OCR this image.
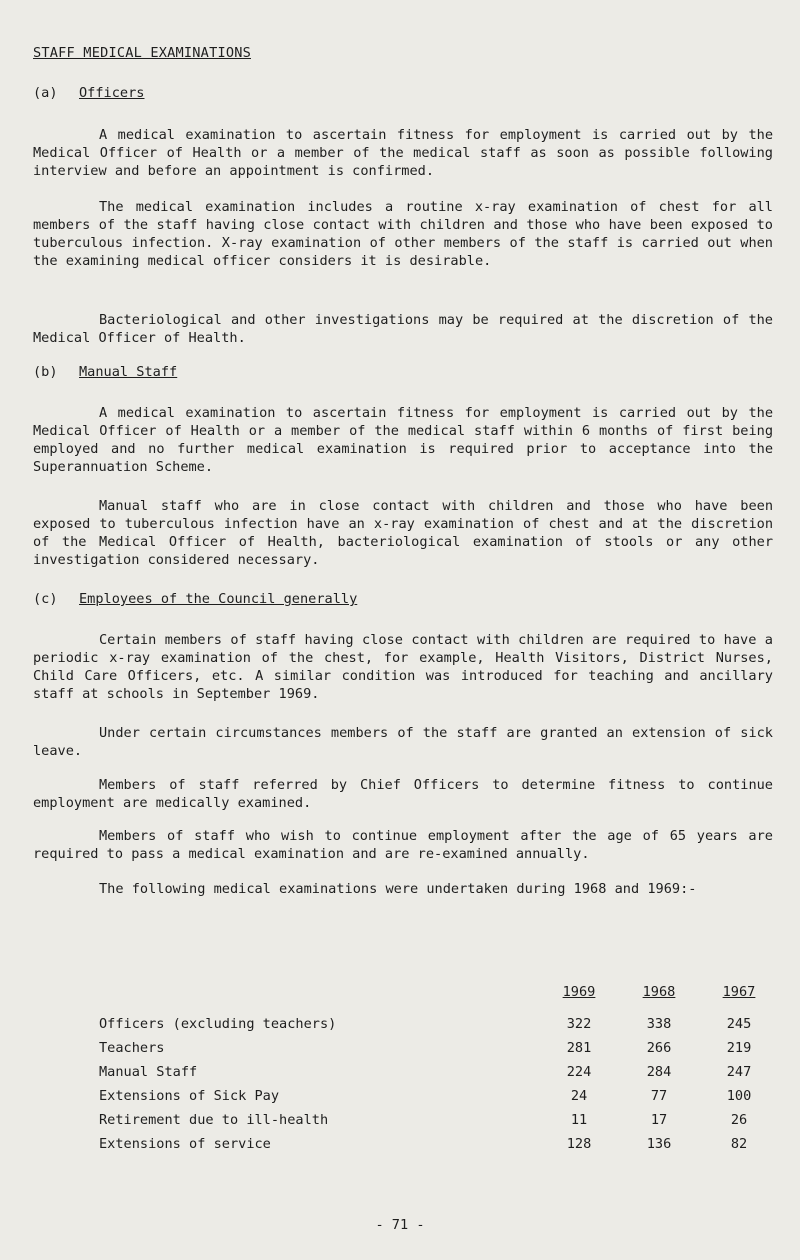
STAFF MEDICAL EXAMINATIONS
(a) Officers

A medical examination to ascertain fitness for employment is carried out by the Medical Officer of Health or a member of the medical staff as soon as possible following interview and before an appointment is confirmed.

The medical examination includes a routine x-ray examination of chest for all members of the staff having close contact with children and those who have been exposed to tuberculous infection. X-ray examination of other members of the staff is carried out when the examining medical officer considers it is desirable.

Bacteriological and other investigations may be required at the discretion of the Medical Officer of Health.

(b) Manual Staff

A medical examination to ascertain fitness for employment is carried out by the Medical Officer of Health or a member of the medical staff within 6 months of first being employed and no further medical examination is required prior to acceptance into the Superannuation Scheme.

Manual staff who are in close contact with children and those who have been exposed to tuberculous infection have an x-ray examination of chest and at the discretion of the Medical Officer of Health, bacteriological examination of stools or any other investigation considered necessary.

(c) Employees of the Council generally

Certain members of staff having close contact with children are required to have a periodic x-ray examination of the chest, for example, Health Visitors, District Nurses, Child Care Officers, etc. A similar condition was introduced for teaching and ancillary staff at schools in September 1969.

Under certain circumstances members of the staff are granted an extension of sick leave.

Members of staff referred by Chief Officers to determine fitness to continue employment are medically examined.

Members of staff who wish to continue employment after the age of 65 years are required to pass a medical examination and are re-examined annually.

The following medical examinations were undertaken during 1968 and 1969:-

	1969	1968	1967

Officers (excluding teachers)	322	338	245
Teachers	281	266	219
Manual Staff	224	284	247
Extensions of Sick Pay	24	77	100
Retirement due to ill-health	11	17	26
Extensions of service	128	136	82

- 71 -
